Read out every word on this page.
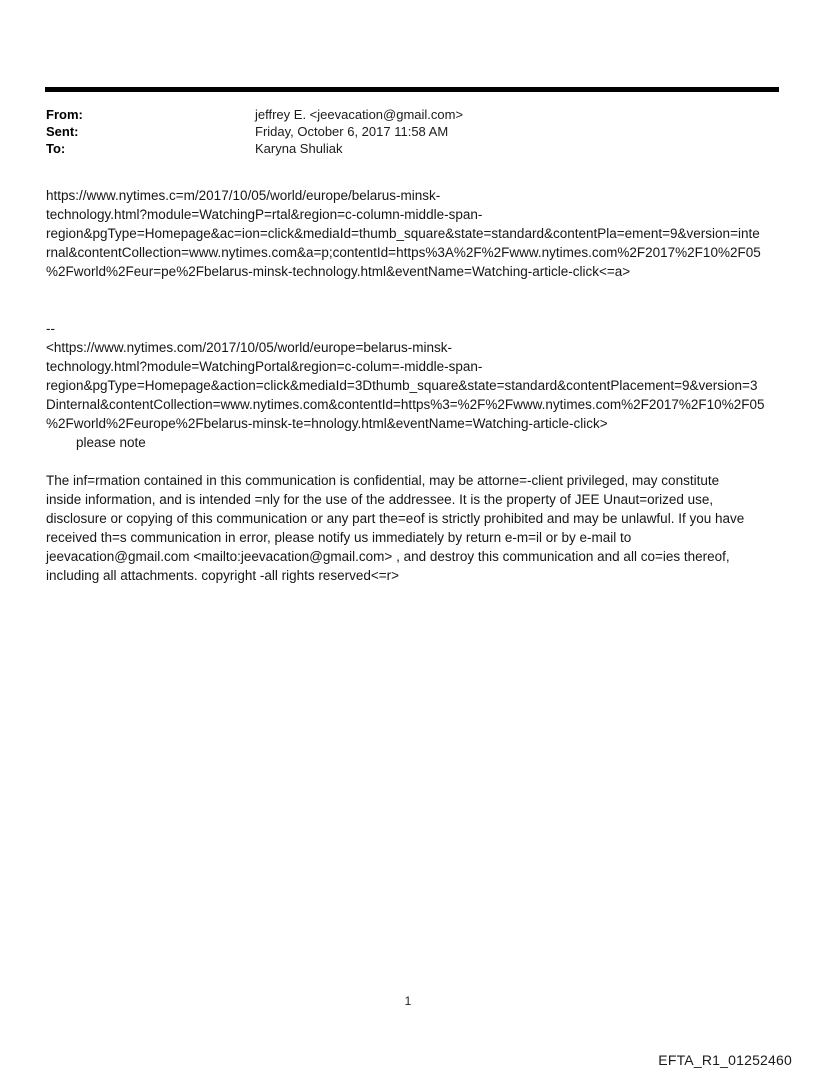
From:	jeffrey E. <jeevacation@gmail.com>
Sent:	Friday, October 6, 2017 11:58 AM
To:	Karyna Shuliak
https://www.nytimes.c=m/2017/10/05/world/europe/belarus-minsk-
technology.html?module=WatchingP=rtal&region=c-column-middle-span-
region&pgType=Homepage&ac=ion=click&mediaId=thumb_square&state=standard&contentPla=ement=9&version=inte
rnal&contentCollection=www.nytimes.com&a=p;contentId=https%3A%2F%2Fwww.nytimes.com%2F2017%2F10%2F05
%2Fworld%2Feur=pe%2Fbelarus-minsk-technology.html&eventName=Watching-article-click<=a>
--
<https://www.nytimes.com/2017/10/05/world/europe=belarus-minsk-
technology.html?module=WatchingPortal&region=c-colum=-middle-span-
region&pgType=Homepage&action=click&mediaId=3Dthumb_square&state=standard&contentPlacement=9&version=3
Dinternal&contentCollection=www.nytimes.com&contentId=https%3=%2F%2Fwww.nytimes.com%2F2017%2F10%2F05
%2Fworld%2Feurope%2Fbelarus-minsk-te=hnology.html&eventName=Watching-article-click>
please note
The inf=rmation contained in this communication is confidential, may be attorne=-client privileged, may constitute
inside information, and is intended =nly for the use of the addressee. It is the property of JEE Unaut=orized use,
disclosure or copying of this communication or any part the=eof is strictly prohibited and may be unlawful. If you have
received th=s communication in error, please notify us immediately by return e-m=il or by e-mail to
jeevacation@gmail.com <mailto:jeevacation@gmail.com> , and destroy this communication and all co=ies thereof,
including all attachments. copyright -all rights reserved<=r>
1
EFTA_R1_01252460
